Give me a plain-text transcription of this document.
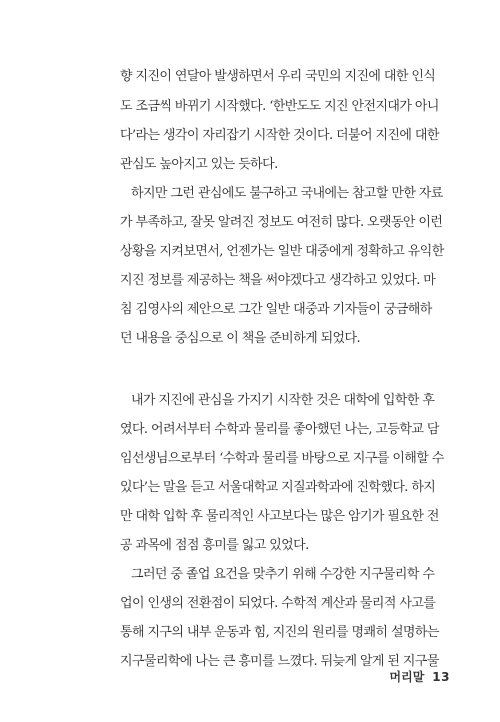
향 지진이 연달아 발생하면서 우리 국민의 지진에 대한 인식
도 조금씩 바뀌기 시작했다. ‘한반도도 지진 안전지대가 아니
다’라는 생각이 자리잡기 시작한 것이다. 더불어 지진에 대한
관심도 높아지고 있는 듯하다.
하지만 그런 관심에도 불구하고 국내에는 참고할 만한 자료
가 부족하고, 잘못 알려진 정보도 여전히 많다. 오랫동안 이런
상황을 지켜보면서, 언젠가는 일반 대중에게 정확하고 유익한
지진 정보를 제공하는 책을 써야겠다고 생각하고 있었다. 마
침 김영사의 제안으로 그간 일반 대중과 기자들이 궁금해하
던 내용을 중심으로 이 책을 준비하게 되었다.
내가 지진에 관심을 가지기 시작한 것은 대학에 입학한 후
였다. 어려서부터 수학과 물리를 좋아했던 나는, 고등학교 담
임선생님으로부터 ‘수학과 물리를 바탕으로 지구를 이해할 수
있다’는 말을 듣고 서울대학교 지질과학과에 진학했다. 하지
만 대학 입학 후 물리적인 사고보다는 많은 암기가 필요한 전
공 과목에 점점 흥미를 잃고 있었다.
그러던 중 졸업 요건을 맞추기 위해 수강한 지구물리학 수
업이 인생의 전환점이 되었다. 수학적 계산과 물리적 사고를
통해 지구의 내부 운동과 힘, 지진의 원리를 명쾌히 설명하는
지구물리학에 나는 큰 흥미를 느꼈다. 뒤늦게 알게 된 지구물
머리말 13
